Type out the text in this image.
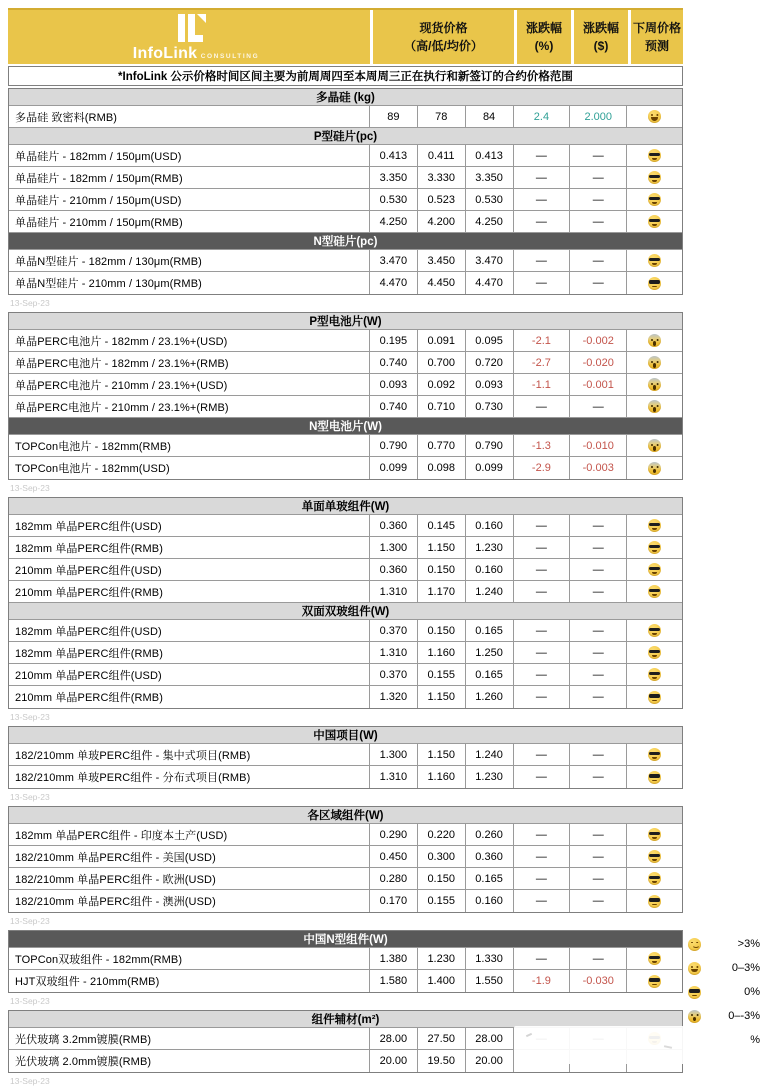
InfoLink CONSULTING
现货价格
（高/低/均价）
涨跌幅
(%)
涨跌幅
($)
下周价格
预测
*InfoLink 公示价格时间区间主要为前周周四至本周周三正在执行和新签订的合约价格范围
多晶硅 (kg)
多晶硅 致密料(RMB)	89	78	84	2.4	2.000
P型硅片(pc)
单晶硅片 - 182mm / 150μm(USD)	0.413	0.411	0.413	—	—
单晶硅片 - 182mm / 150μm(RMB)	3.350	3.330	3.350	—	—
单晶硅片 - 210mm / 150μm(USD)	0.530	0.523	0.530	—	—
单晶硅片 - 210mm / 150μm(RMB)	4.250	4.200	4.250	—	—
N型硅片(pc)
单晶N型硅片 - 182mm / 130μm(RMB)	3.470	3.450	3.470	—	—
单晶N型硅片 - 210mm / 130μm(RMB)	4.470	4.450	4.470	—	—
13-Sep-23
P型电池片(W)
单晶PERC电池片 - 182mm / 23.1%+(USD)	0.195	0.091	0.095	-2.1	-0.002
单晶PERC电池片 - 182mm / 23.1%+(RMB)	0.740	0.700	0.720	-2.7	-0.020
单晶PERC电池片 - 210mm / 23.1%+(USD)	0.093	0.092	0.093	-1.1	-0.001
单晶PERC电池片 - 210mm / 23.1%+(RMB)	0.740	0.710	0.730	—	—
N型电池片(W)
TOPCon电池片 - 182mm(RMB)	0.790	0.770	0.790	-1.3	-0.010
TOPCon电池片 - 182mm(USD)	0.099	0.098	0.099	-2.9	-0.003
13-Sep-23
单面单玻组件(W)
182mm 单晶PERC组件(USD)	0.360	0.145	0.160	—	—
182mm 单晶PERC组件(RMB)	1.300	1.150	1.230	—	—
210mm 单晶PERC组件(USD)	0.360	0.150	0.160	—	—
210mm 单晶PERC组件(RMB)	1.310	1.170	1.240	—	—
双面双玻组件(W)
182mm 单晶PERC组件(USD)	0.370	0.150	0.165	—	—
182mm 单晶PERC组件(RMB)	1.310	1.160	1.250	—	—
210mm 单晶PERC组件(USD)	0.370	0.155	0.165	—	—
210mm 单晶PERC组件(RMB)	1.320	1.150	1.260	—	—
13-Sep-23
中国项目(W)
182/210mm 单玻PERC组件 - 集中式项目(RMB)	1.300	1.150	1.240	—	—
182/210mm 单玻PERC组件 - 分布式项目(RMB)	1.310	1.160	1.230	—	—
13-Sep-23
各区域组件(W)
182mm 单晶PERC组件 - 印度本土产(USD)	0.290	0.220	0.260	—	—
182/210mm 单晶PERC组件 - 美国(USD)	0.450	0.300	0.360	—	—
182/210mm 单晶PERC组件 - 欧洲(USD)	0.280	0.150	0.165	—	—
182/210mm 单晶PERC组件 - 澳洲(USD)	0.170	0.155	0.160	—	—
13-Sep-23
中国N型组件(W)
TOPCon双玻组件 - 182mm(RMB)	1.380	1.230	1.330	—	—
HJT双玻组件 - 210mm(RMB)	1.580	1.400	1.550	-1.9	-0.030
13-Sep-23
组件辅材(m²)
光伏玻璃 3.2mm镀膜(RMB)	28.00	27.50	28.00
光伏玻璃 2.0mm镀膜(RMB)	20.00	19.50	20.00
13-Sep-23
>3%
0–3%
0%
0–-3%
%
